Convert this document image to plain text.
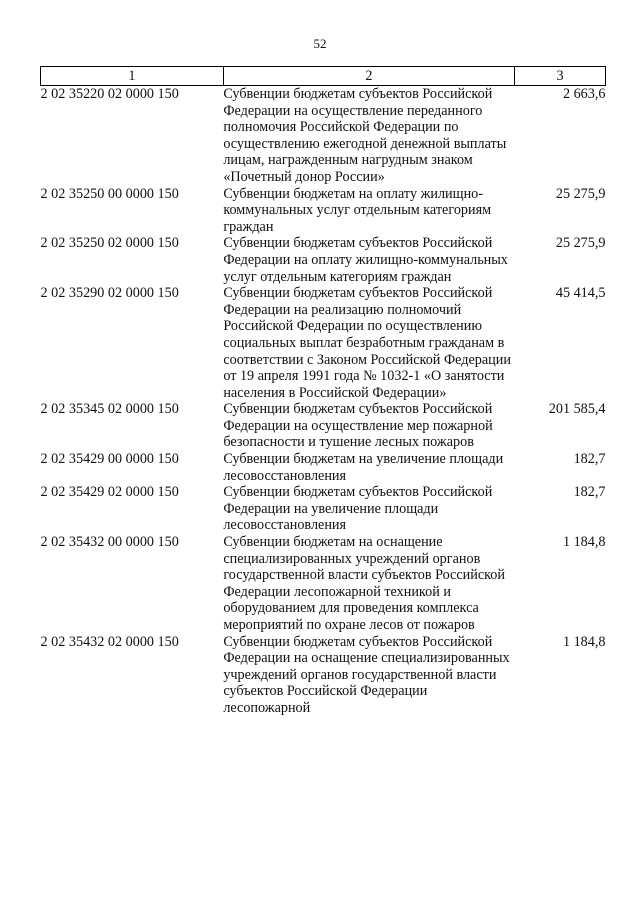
52
1	2	3
2 02 35220 02 0000 150	Субвенции бюджетам субъектов Российской Федерации на осуществление переданного полномочия Российской Федерации по осуществлению ежегодной денежной выплаты лицам, награжденным нагрудным знаком «Почетный донор России»	2 663,6
2 02 35250 00 0000 150	Субвенции бюджетам на оплату жилищно-коммунальных услуг отдельным категориям граждан	25 275,9
2 02 35250 02 0000 150	Субвенции бюджетам субъектов Российской Федерации на оплату жилищно-коммунальных услуг отдельным категориям граждан	25 275,9
2 02 35290 02 0000 150	Субвенции бюджетам субъектов Российской Федерации на реализацию полномочий Российской Федерации по осуществлению социальных выплат безработным гражданам в соответствии с Законом Российской Федерации от 19 апреля 1991 года № 1032-1 «О занятости населения в Российской Федерации»	45 414,5
2 02 35345 02 0000 150	Субвенции бюджетам субъектов Российской Федерации на осуществление мер пожарной безопасности и тушение лесных пожаров	201 585,4
2 02 35429 00 0000 150	Субвенции бюджетам на увеличение площади лесовосстановления	182,7
2 02 35429 02 0000 150	Субвенции бюджетам субъектов Российской Федерации на увеличение площади лесовосстановления	182,7
2 02 35432 00 0000 150	Субвенции бюджетам на оснащение специализированных учреждений органов государственной власти субъектов Российской Федерации лесопожарной техникой и оборудованием для проведения комплекса мероприятий по охране лесов от пожаров	1 184,8
2 02 35432 02 0000 150	Субвенции бюджетам субъектов Российской Федерации на оснащение специализированных учреждений органов государственной власти субъектов Российской Федерации лесопожарной	1 184,8
